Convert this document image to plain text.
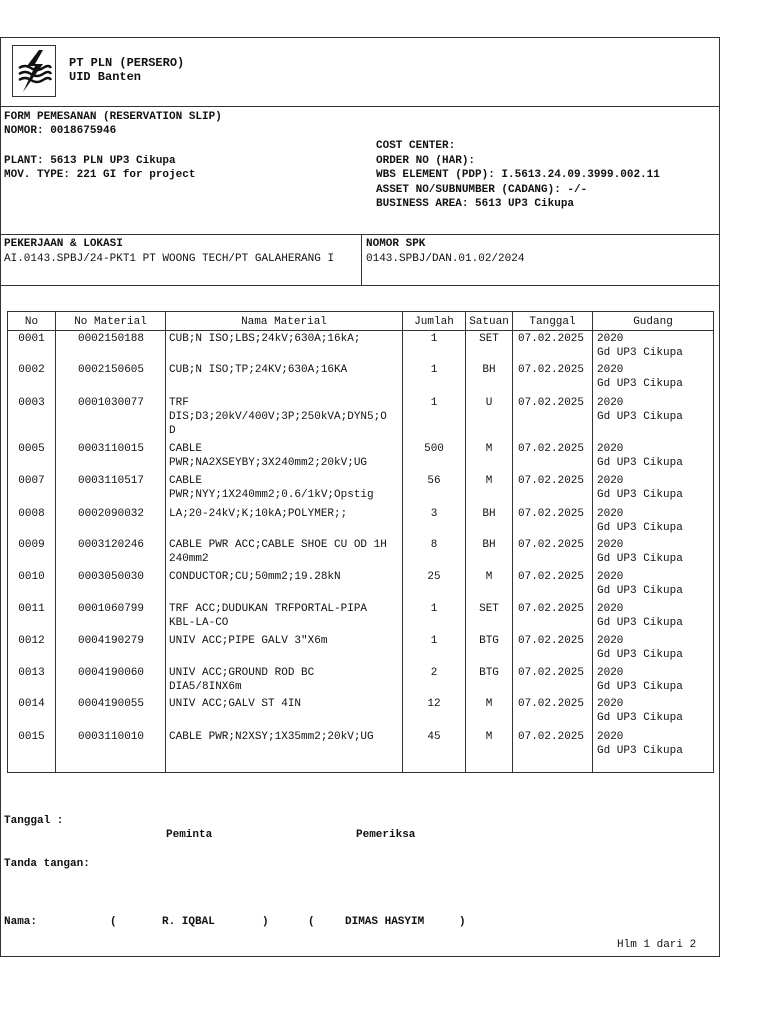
PT PLN (PERSERO)
UID Banten
FORM PEMESANAN (RESERVATION SLIP)
NOMOR: 0018675946
PLANT: 5613 PLN UP3 Cikupa
MOV. TYPE: 221 GI for project
COST CENTER:
ORDER NO (HAR):
WBS ELEMENT (PDP): I.5613.24.09.3999.002.11
ASSET NO/SUBNUMBER (CADANG): -/-
BUSINESS AREA: 5613 UP3 Cikupa
PEKERJAAN & LOKASI
AI.0143.SPBJ/24-PKT1 PT WOONG TECH/PT GALAHERANG I
NOMOR SPK
0143.SPBJ/DAN.01.02/2024
No	No Material	Nama Material	Jumlah	Satuan	Tanggal	Gudang
0001	0002150188	CUB;N ISO;LBS;24kV;630A;16kA;	1	SET	07.02.2025	2020
Gd UP3 Cikupa
0002	0002150605	CUB;N ISO;TP;24KV;630A;16KA	1	BH	07.02.2025	2020
Gd UP3 Cikupa
0003	0001030077	TRF
DIS;D3;20kV/400V;3P;250kVA;DYN5;O
D
1	U	07.02.2025	2020
Gd UP3 Cikupa
0005	0003110015	CABLE
PWR;NA2XSEYBY;3X240mm2;20kV;UG
500	M	07.02.2025	2020
Gd UP3 Cikupa
0007	0003110517	CABLE
PWR;NYY;1X240mm2;0.6/1kV;Opstig
56	M	07.02.2025	2020
Gd UP3 Cikupa
0008	0002090032	LA;20-24kV;K;10kA;POLYMER;;	3	BH	07.02.2025	2020
Gd UP3 Cikupa
0009	0003120246	CABLE PWR ACC;CABLE SHOE CU OD 1H
240mm2
8	BH	07.02.2025	2020
Gd UP3 Cikupa
0010	0003050030	CONDUCTOR;CU;50mm2;19.28kN	25	M	07.02.2025	2020
Gd UP3 Cikupa
0011	0001060799	TRF ACC;DUDUKAN TRFPORTAL-PIPA
KBL-LA-CO
1	SET	07.02.2025	2020
Gd UP3 Cikupa
0012	0004190279	UNIV ACC;PIPE GALV 3"X6m	1	BTG	07.02.2025	2020
Gd UP3 Cikupa
0013	0004190060	UNIV ACC;GROUND ROD BC
DIA5/8INX6m
2	BTG	07.02.2025	2020
Gd UP3 Cikupa
0014	0004190055	UNIV ACC;GALV ST 4IN	12	M	07.02.2025	2020
Gd UP3 Cikupa
0015	0003110010	CABLE PWR;N2XSY;1X35mm2;20kV;UG	45	M	07.02.2025	2020
Gd UP3 Cikupa
Tanggal :
Peminta	Pemeriksa
Tanda tangan:
Nama:	(	R. IQBAL	)	(	DIMAS HASYIM	)
Hlm 1 dari 2
